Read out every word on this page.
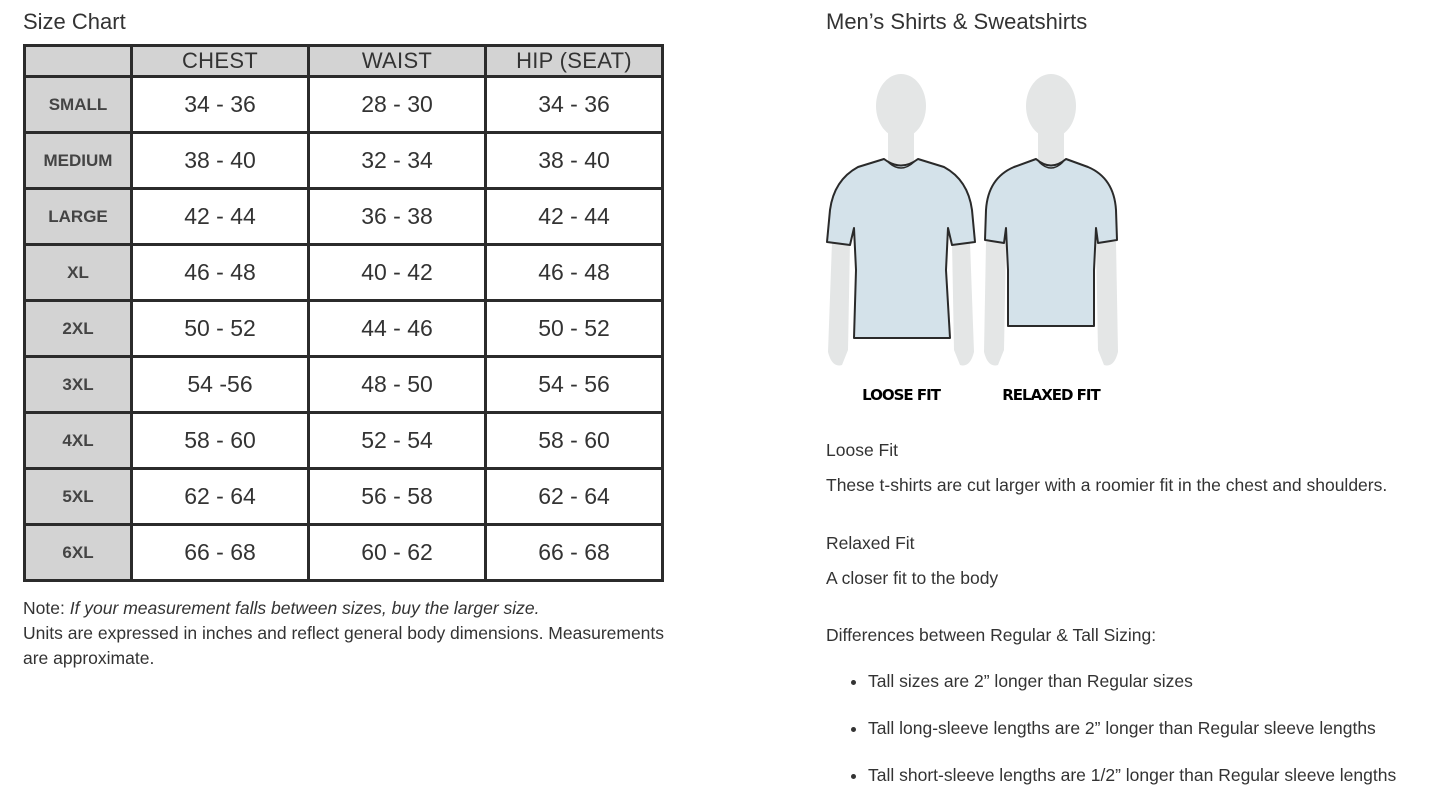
Size Chart	Men’s Shirts & Sweatshirts
	CHEST	WAIST	HIP (SEAT)
SMALL	34 - 36	28 - 30	34 - 36
MEDIUM	38 - 40	32 - 34	38 - 40
LARGE	42 - 44	36 - 38	42 - 44
XL	46 - 48	40 - 42	46 - 48
2XL	50 - 52	44 - 46	50 - 52
3XL	54 -56	48 - 50	54 - 56
4XL	58 - 60	52 - 54	58 - 60
5XL	62 - 64	56 - 58	62 - 64
6XL	66 - 68	60 - 62	66 - 68
Note: If your measurement falls between sizes, buy the larger size.
Units are expressed in inches and reflect general body dimensions. Measurements are approximate.
LOOSE FIT	RELAXED FIT
Loose Fit
These t-shirts are cut larger with a roomier fit in the chest and shoulders.
Relaxed Fit
A closer fit to the body
Differences between Regular & Tall Sizing:
• Tall sizes are 2” longer than Regular sizes
• Tall long-sleeve lengths are 2” longer than Regular sleeve lengths
• Tall short-sleeve lengths are 1/2” longer than Regular sleeve lengths
